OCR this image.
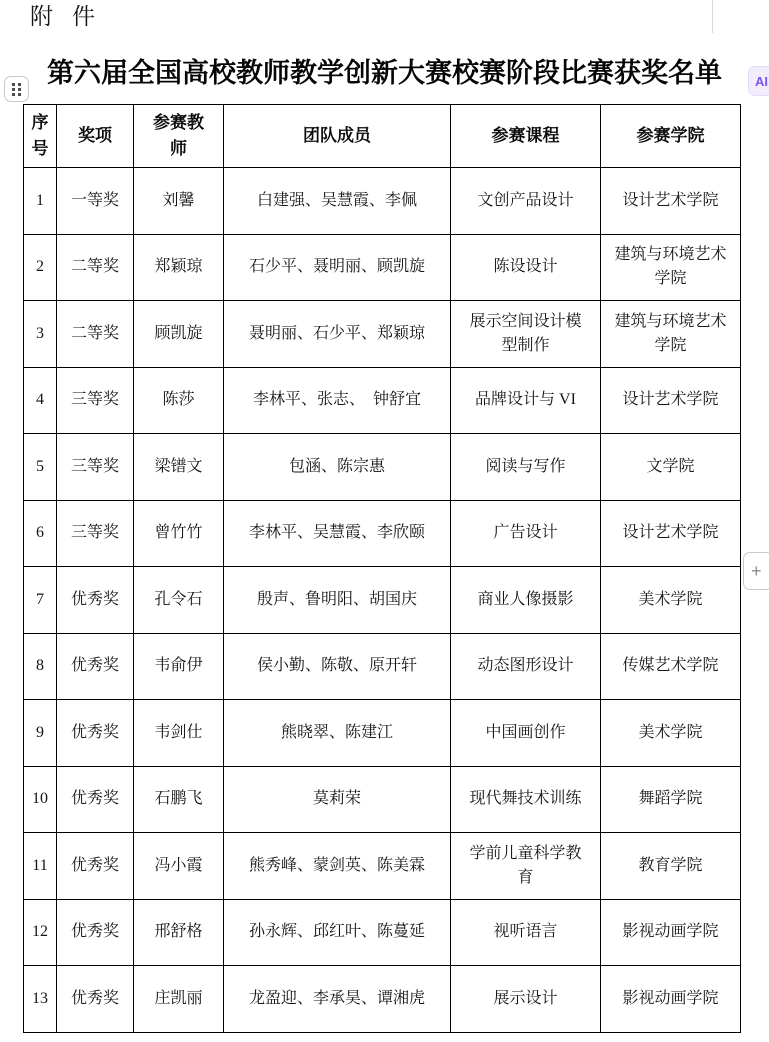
附件
第六届全国高校教师教学创新大赛校赛阶段比赛获奖名单	AI
+
序号	奖项	参赛教师	团队成员	参赛课程	参赛学院
1	一等奖	刘馨	白建强、吴慧霞、李佩	文创产品设计	设计艺术学院
2	二等奖	郑颖琼	石少平、聂明丽、顾凯旋	陈设设计	建筑与环境艺术学院
3	二等奖	顾凯旋	聂明丽、石少平、郑颖琼	展示空间设计模型制作	建筑与环境艺术学院
4	三等奖	陈莎	李林平、张志、　钟舒宜	品牌设计与 VI	设计艺术学院
5	三等奖	梁镨文	包涵、陈宗惠	阅读与写作	文学院
6	三等奖	曾竹竹	李林平、吴慧霞、李欣颐	广告设计	设计艺术学院
7	优秀奖	孔令石	殷声、鲁明阳、胡国庆	商业人像摄影	美术学院
8	优秀奖	韦俞伊	侯小勤、陈敬、原开轩	动态图形设计	传媒艺术学院
9	优秀奖	韦剑仕	熊晓翠、陈建江	中国画创作	美术学院
10	优秀奖	石鹏飞	莫莉荣	现代舞技术训练	舞蹈学院
11	优秀奖	冯小霞	熊秀峰、蒙剑英、陈美霖	学前儿童科学教育	教育学院
12	优秀奖	邢舒格	孙永辉、邱红叶、陈蔓延	视听语言	影视动画学院
13	优秀奖	庄凯丽	龙盈迎、李承昊、谭湘虎	展示设计	影视动画学院
